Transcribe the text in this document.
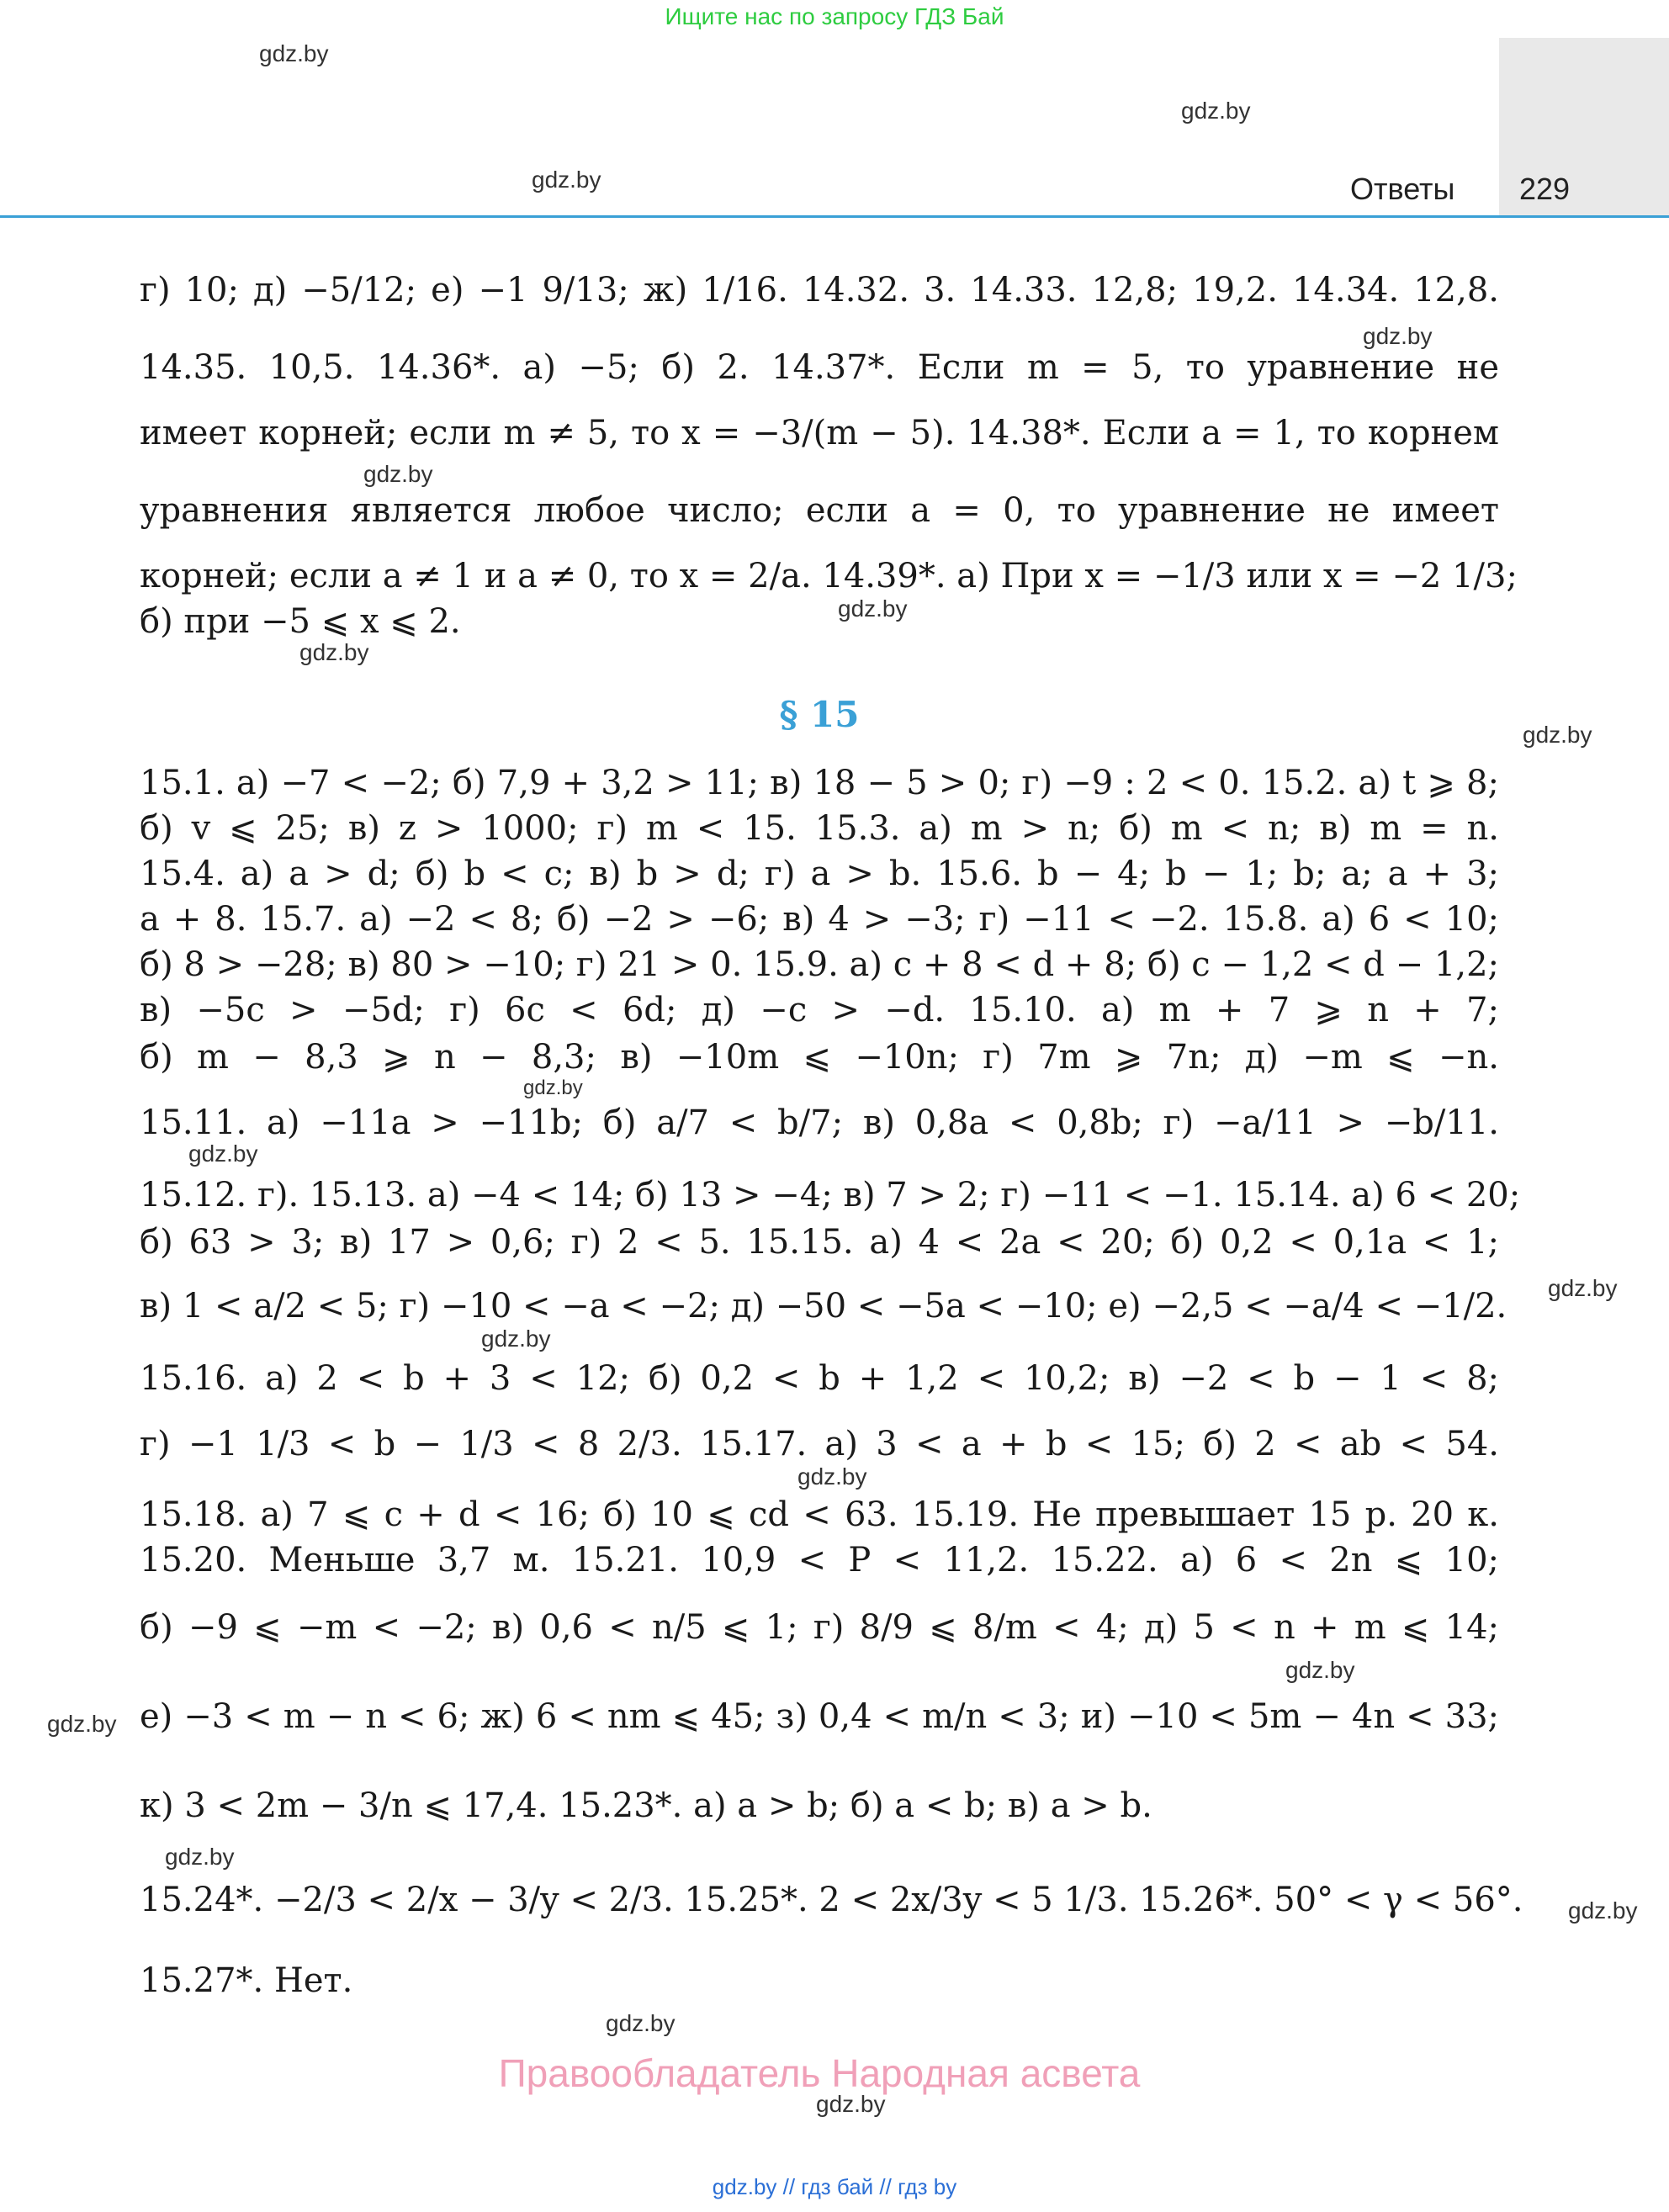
Ищите нас по запросу ГДЗ Бай
Ответы 229
gdz.by
gdz.by
gdz.by
gdz.by
gdz.by
gdz.by
gdz.by
gdz.by
gdz.by
gdz.by
gdz.by
gdz.by
gdz.by
gdz.by
gdz.by
gdz.by
gdz.by
gdz.by
gdz.by
г) 10; д) −5/12; е) −1 9/13; ж) 1/16. 14.32. 3. 14.33. 12,8; 19,2. 14.34. 12,8.
14.35. 10,5. 14.36*. а) −5; б) 2. 14.37*. Если m = 5, то уравнение не
имеет корней; если m ≠ 5, то x = −3/(m − 5). 14.38*. Если a = 1, то корнем
уравнения является любое число; если a = 0, то уравнение не имеет
корней; если a ≠ 1 и a ≠ 0, то x = 2/a. 14.39*. а) При x = −1/3 или x = −2 1/3;
б) при −5 ⩽ x ⩽ 2.
§ 15
15.1. а) −7 < −2; б) 7,9 + 3,2 > 11; в) 18 − 5 > 0; г) −9 : 2 < 0. 15.2. а) t ⩾ 8;
б) v ⩽ 25; в) z > 1000; г) m < 15. 15.3. а) m > n; б) m < n; в) m = n.
15.4. а) a > d; б) b < c; в) b > d; г) a > b. 15.6. b − 4; b − 1; b; a; a + 3;
a + 8. 15.7. а) −2 < 8; б) −2 > −6; в) 4 > −3; г) −11 < −2. 15.8. а) 6 < 10;
б) 8 > −28; в) 80 > −10; г) 21 > 0. 15.9. а) c + 8 < d + 8; б) c − 1,2 < d − 1,2;
в) −5c > −5d; г) 6c < 6d; д) −c > −d. 15.10. а) m + 7 ⩾ n + 7;
б) m − 8,3 ⩾ n − 8,3; в) −10m ⩽ −10n; г) 7m ⩾ 7n; д) −m ⩽ −n.
15.11. а) −11a > −11b; б) a/7 < b/7; в) 0,8a < 0,8b; г) −a/11 > −b/11.
15.12. г). 15.13. а) −4 < 14; б) 13 > −4; в) 7 > 2; г) −11 < −1. 15.14. а) 6 < 20;
б) 63 > 3; в) 17 > 0,6; г) 2 < 5. 15.15. а) 4 < 2a < 20; б) 0,2 < 0,1a < 1;
в) 1 < a/2 < 5; г) −10 < −a < −2; д) −50 < −5a < −10; е) −2,5 < −a/4 < −1/2.
15.16. а) 2 < b + 3 < 12; б) 0,2 < b + 1,2 < 10,2; в) −2 < b − 1 < 8;
г) −1 1/3 < b − 1/3 < 8 2/3. 15.17. а) 3 < a + b < 15; б) 2 < ab < 54.
15.18. а) 7 ⩽ c + d < 16; б) 10 ⩽ cd < 63. 15.19. Не превышает 15 р. 20 к.
15.20. Меньше 3,7 м. 15.21. 10,9 < P < 11,2. 15.22. а) 6 < 2n ⩽ 10;
б) −9 ⩽ −m < −2; в) 0,6 < n/5 ⩽ 1; г) 8/9 ⩽ 8/m < 4; д) 5 < n + m ⩽ 14;
е) −3 < m − n < 6; ж) 6 < nm ⩽ 45; з) 0,4 < m/n < 3; и) −10 < 5m − 4n < 33;
к) 3 < 2m − 3/n ⩽ 17,4. 15.23*. а) a > b; б) a < b; в) a > b.
15.24*. −2/3 < 2/x − 3/y < 2/3. 15.25*. 2 < 2x/3y < 5 1/3. 15.26*. 50° < γ < 56°.
15.27*. Нет.
Правообладатель Народная асвета
gdz.by // гдз бай // гдз by
